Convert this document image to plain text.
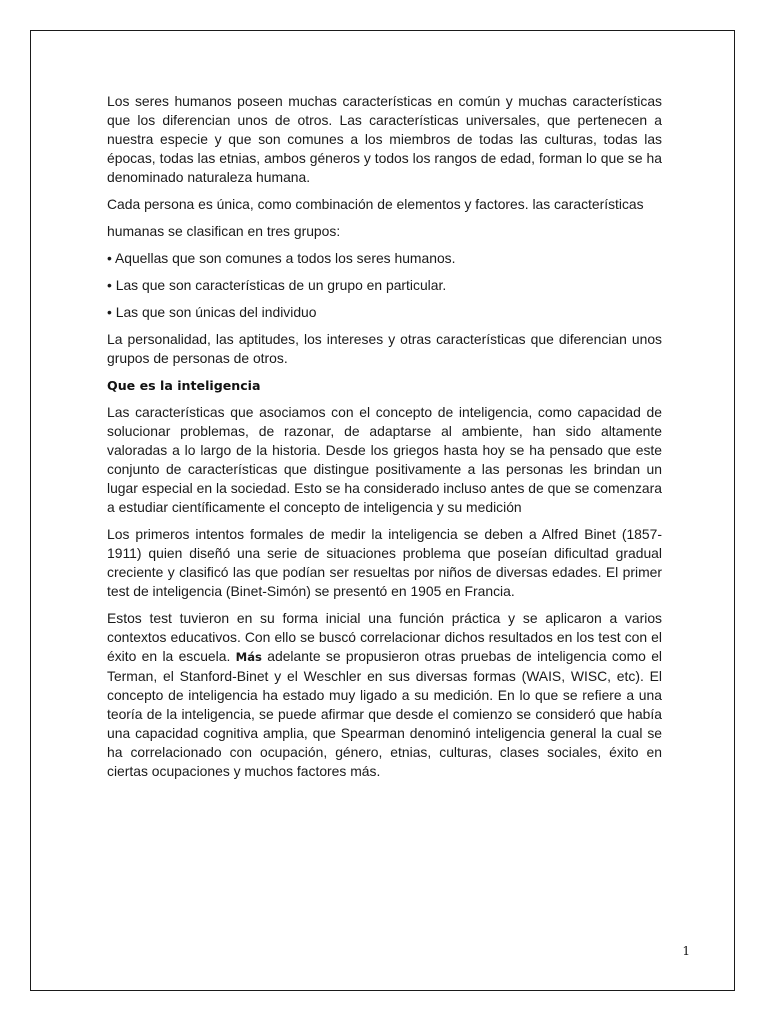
Los seres humanos poseen muchas características en común y muchas características que los diferencian unos de otros. Las características universales, que pertenecen a nuestra especie y que son comunes a los miembros de todas las culturas, todas las épocas, todas las etnias, ambos géneros y todos los rangos de edad, forman lo que se ha denominado naturaleza humana.

Cada persona es única, como combinación de elementos y factores. las características

humanas se clasifican en tres grupos:

• Aquellas que son comunes a todos los seres humanos.

• Las que son características de un grupo en particular.

• Las que son únicas del individuo

La personalidad, las aptitudes, los intereses y otras características que diferencian unos grupos de personas de otros.

Que es la inteligencia

Las características que asociamos con el concepto de inteligencia, como capacidad de solucionar problemas, de razonar, de adaptarse al ambiente, han sido altamente valoradas a lo largo de la historia. Desde los griegos hasta hoy se ha pensado que este conjunto de características que distingue positivamente a las personas les brindan un lugar especial en la sociedad. Esto se ha considerado incluso antes de que se comenzara a estudiar científicamente el concepto de inteligencia y su medición

Los primeros intentos formales de medir la inteligencia se deben a Alfred Binet (1857-1911) quien diseñó una serie de situaciones problema que poseían dificultad gradual creciente y clasificó las que podían ser resueltas por niños de diversas edades. El primer test de inteligencia (Binet-Simón) se presentó en 1905 en Francia.

Estos test tuvieron en su forma inicial una función práctica y se aplicaron a varios contextos educativos. Con ello se buscó correlacionar dichos resultados en los test con el éxito en la escuela. Más adelante se propusieron otras pruebas de inteligencia como el Terman, el Stanford-Binet y el Weschler en sus diversas formas (WAIS, WISC, etc). El concepto de inteligencia ha estado muy ligado a su medición. En lo que se refiere a una teoría de la inteligencia, se puede afirmar que desde el comienzo se consideró que había una capacidad cognitiva amplia, que Spearman denominó inteligencia general la cual se ha correlacionado con ocupación, género, etnias, culturas, clases sociales, éxito en ciertas ocupaciones y muchos factores más.

1
